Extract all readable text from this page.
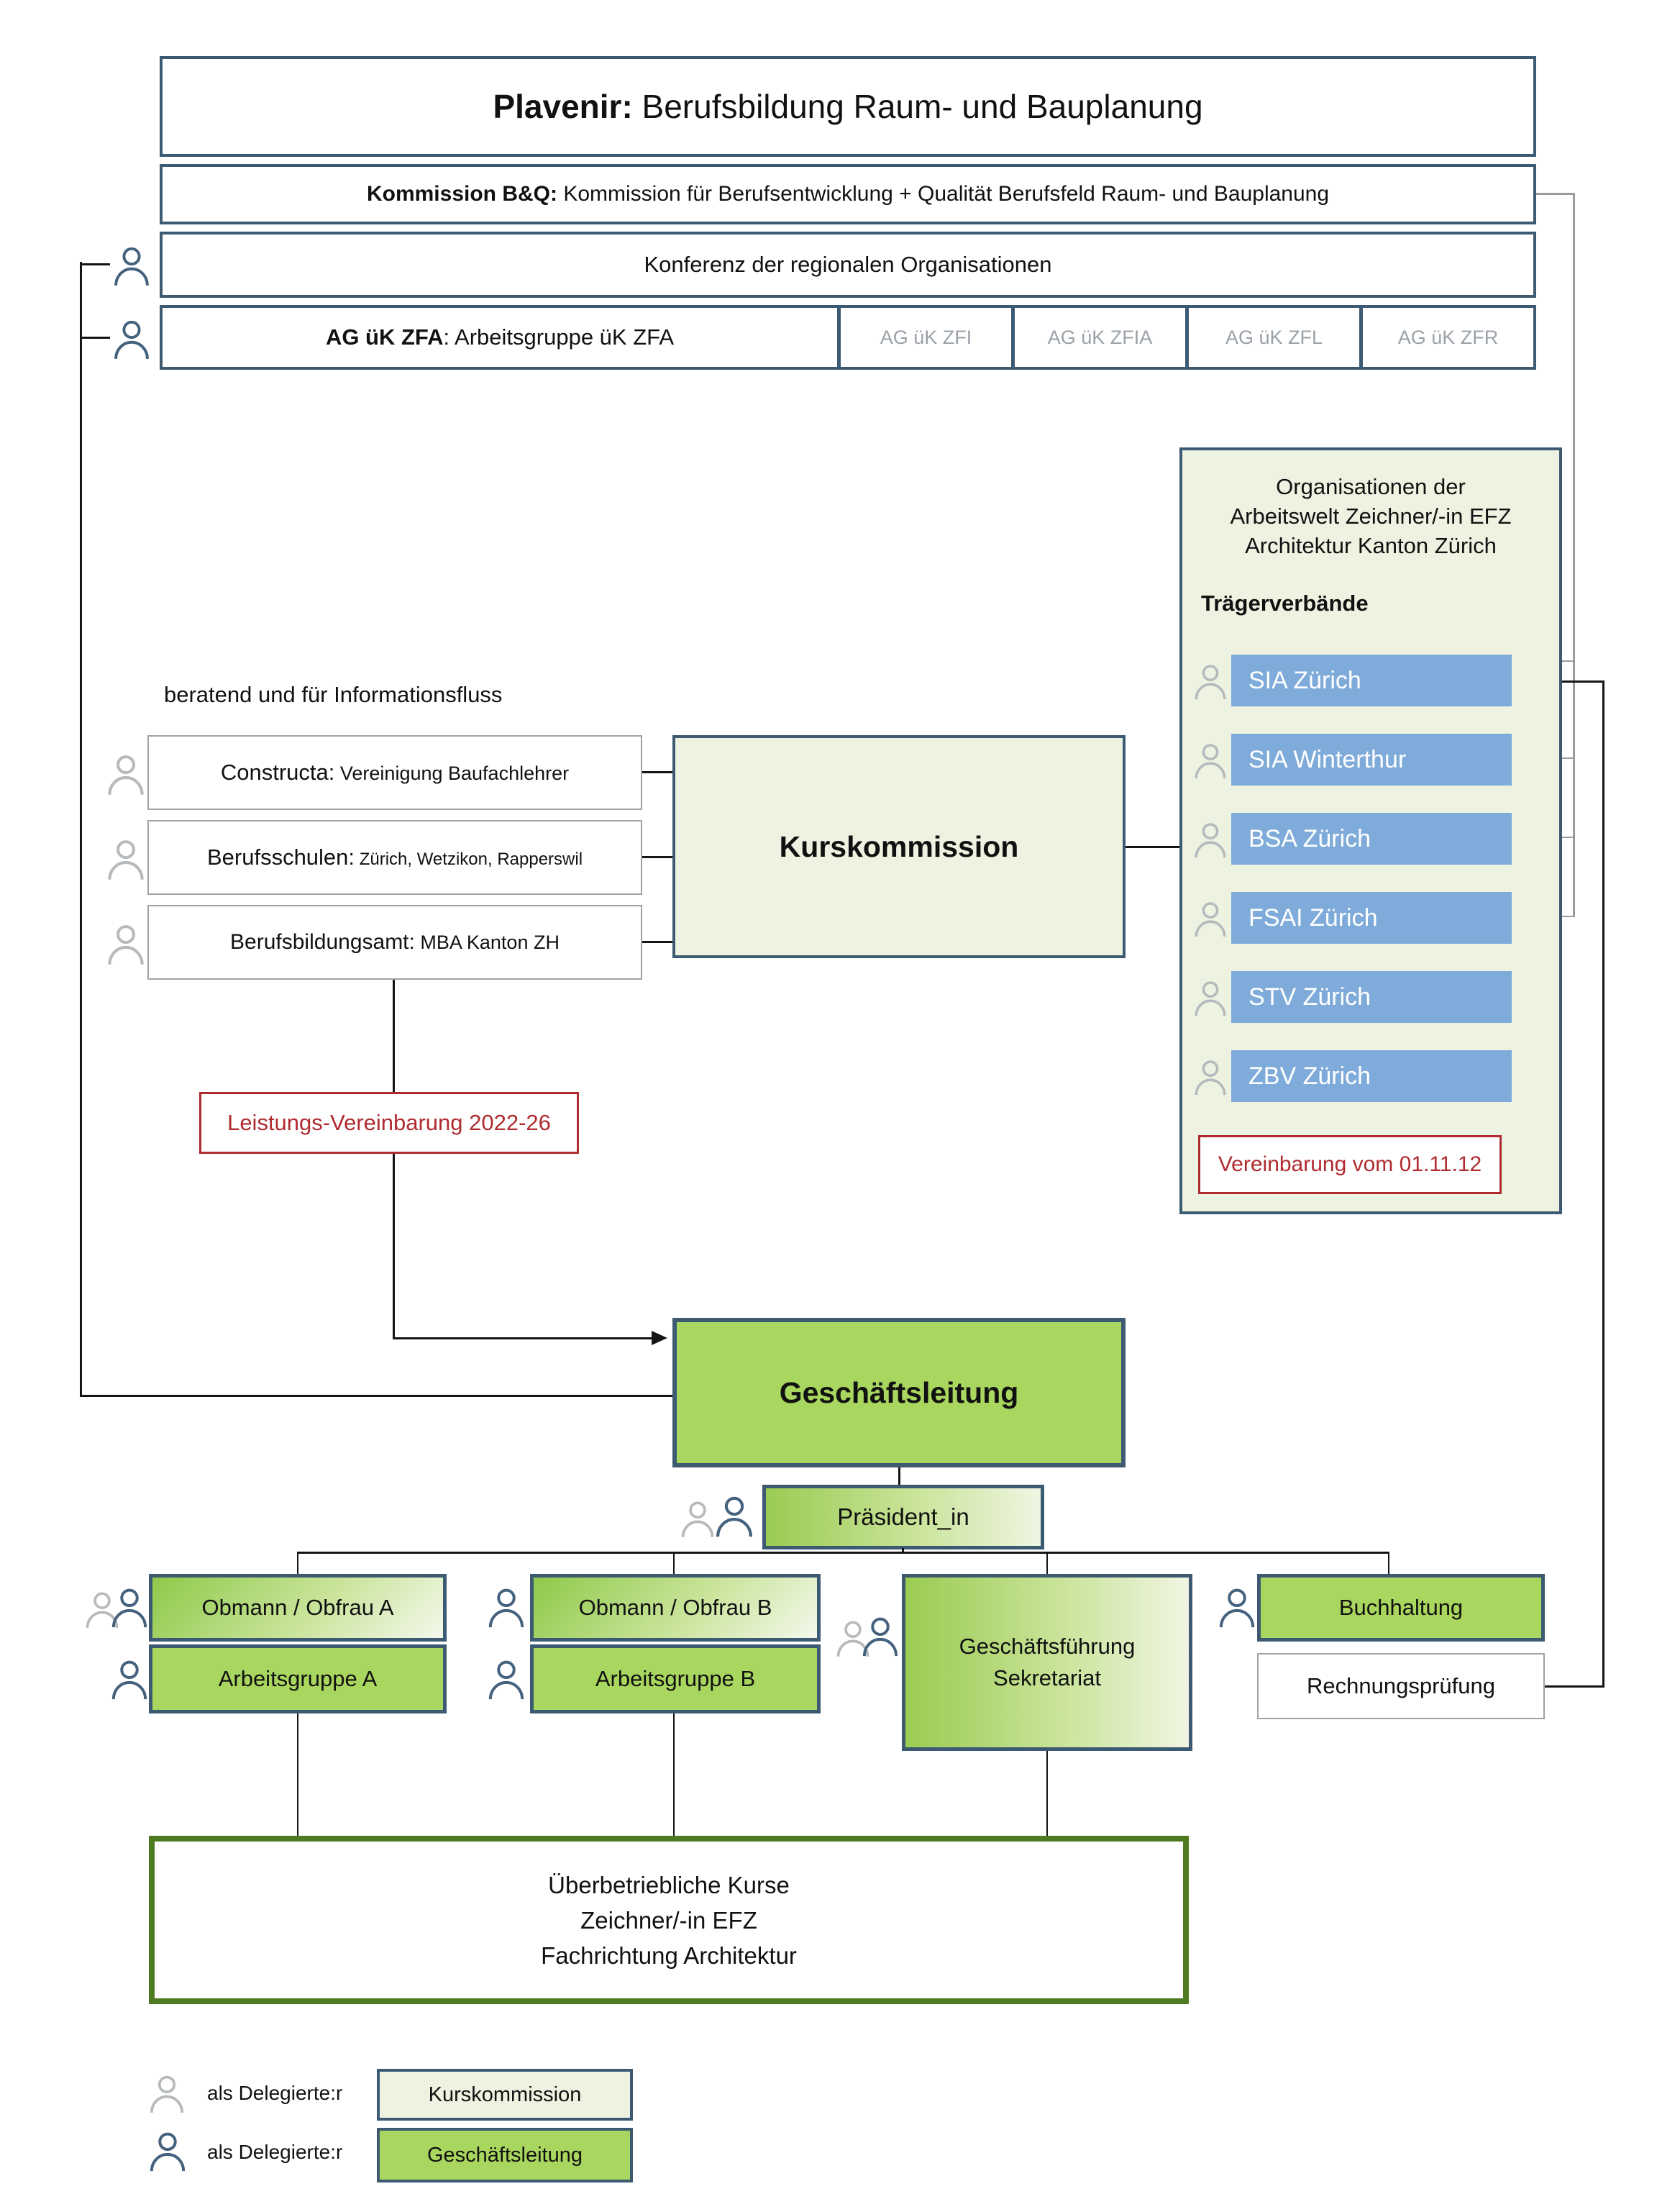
Plavenir: Berufsbildung Raum- und Bauplanung
Kommission B&Q: Kommission für Berufsentwicklung + Qualität Berufsfeld Raum- und Bauplanung
Konferenz der regionalen Organisationen
AG üK ZFA: Arbeitsgruppe üK ZFA	AG üK ZFI	AG üK ZFIA	AG üK ZFL	AG üK ZFR
beratend und für Informationsfluss
Constructa: Vereinigung Baufachlehrer
Berufsschulen: Zürich, Wetzikon, Rapperswil
Berufsbildungsamt: MBA Kanton ZH
Kurskommission
Organisationen der
Arbeitswelt Zeichner/-in EFZ
Architektur Kanton Zürich
Trägerverbände
SIA Zürich
SIA Winterthur
BSA Zürich
FSAI Zürich
STV Zürich
ZBV Zürich
Vereinbarung vom 01.11.12
Leistungs-Vereinbarung 2022-26
Geschäftsleitung
Präsident_in
Obmann / Obfrau A
Arbeitsgruppe A
Obmann / Obfrau B
Arbeitsgruppe B
Geschäftsführung
Sekretariat
Buchhaltung
Rechnungsprüfung
Überbetriebliche Kurse
Zeichner/-in EFZ
Fachrichtung Architektur
als Delegierte:r	Kurskommission
als Delegierte:r	Geschäftsleitung
